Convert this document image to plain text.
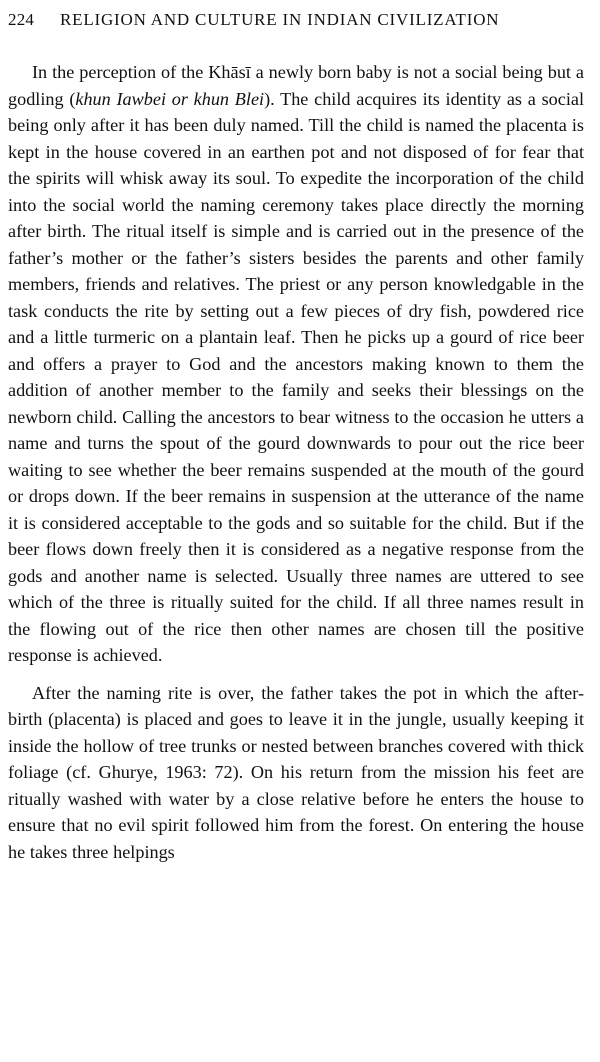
224	RELIGION AND CULTURE IN INDIAN CIVILIZATION

In the perception of the Khāsī a newly born baby is not a social being but a godling (khun Iawbei or khun Blei). The child acquires its identity as a social being only after it has been duly named. Till the child is named the placenta is kept in the house covered in an earthen pot and not disposed of for fear that the spirits will whisk away its soul. To expedite the incorporation of the child into the social world the naming ceremony takes place directly the morning after birth. The ritual itself is simple and is carried out in the presence of the father’s mother or the father’s sisters besides the parents and other family members, friends and relatives. The priest or any person knowledgable in the task conducts the rite by setting out a few pieces of dry fish, powdered rice and a little turmeric on a plantain leaf. Then he picks up a gourd of rice beer and offers a prayer to God and the ancestors making known to them the addition of another member to the family and seeks their blessings on the newborn child. Calling the ancestors to bear witness to the occasion he utters a name and turns the spout of the gourd downwards to pour out the rice beer waiting to see whether the beer remains suspended at the mouth of the gourd or drops down. If the beer remains in suspension at the utterance of the name it is considered acceptable to the gods and so suitable for the child. But if the beer flows down freely then it is considered as a negative response from the gods and another name is selected. Usually three names are uttered to see which of the three is ritually suited for the child. If all three names result in the flowing out of the rice then other names are chosen till the positive response is achieved.

After the naming rite is over, the father takes the pot in which the after-birth (placenta) is placed and goes to leave it in the jungle, usually keeping it inside the hollow of tree trunks or nested between branches covered with thick foliage (cf. Ghurye, 1963: 72). On his return from the mission his feet are ritually washed with water by a close relative before he enters the house to ensure that no evil spirit followed him from the forest. On entering the house he takes three helpings
